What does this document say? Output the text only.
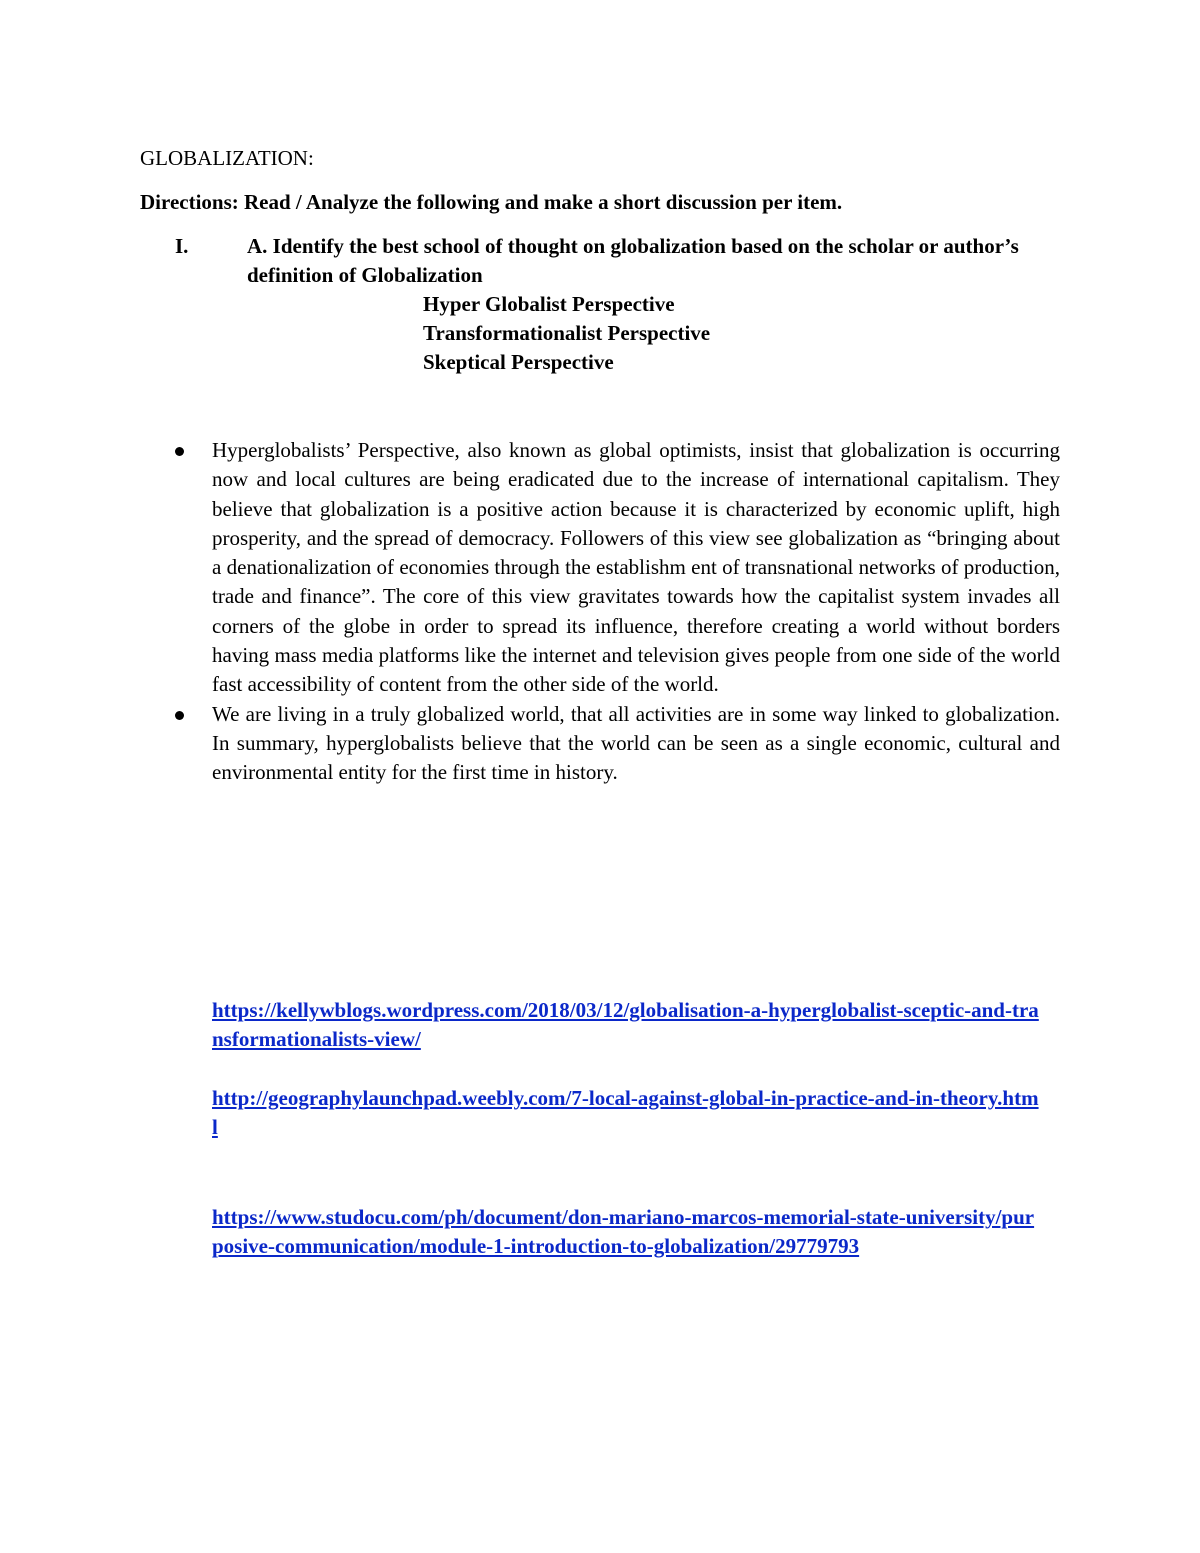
GLOBALIZATION:

Directions: Read / Analyze the following and make a short discussion per item.

I.	A. Identify the best school of thought on globalization based on the scholar or author’s definition of Globalization

Hyper Globalist Perspective
Transformationalist Perspective
Skeptical Perspective
Hyperglobalists’ Perspective, also known as global optimists, insist that globalization is occurring now and local cultures are being eradicated due to the increase of international capitalism. They believe that globalization is a positive action because it is characterized by economic uplift, high prosperity, and the spread of democracy. Followers of this view see globalization as “bringing about a denationalization of economies through the establishm ent of transnational networks of production, trade and finance”. The core of this view gravitates towards how the capitalist system invades all corners of the globe in order to spread its influence, therefore creating a world without borders having mass media platforms like the internet and television gives people from one side of the world fast accessibility of content from the other side of the world.
We are living in a truly globalized world, that all activities are in some way linked to globalization. In summary, hyperglobalists believe that the world can be seen as a single economic, cultural and environmental entity for the first time in history.

https://kellywblogs.wordpress.com/2018/03/12/globalisation-a-hyperglobalist-sceptic-and-transformationalists-view/

http://geographylaunchpad.weebly.com/7-local-against-global-in-practice-and-in-theory.html

https://www.studocu.com/ph/document/don-mariano-marcos-memorial-state-university/purposive-communication/module-1-introduction-to-globalization/29779793
